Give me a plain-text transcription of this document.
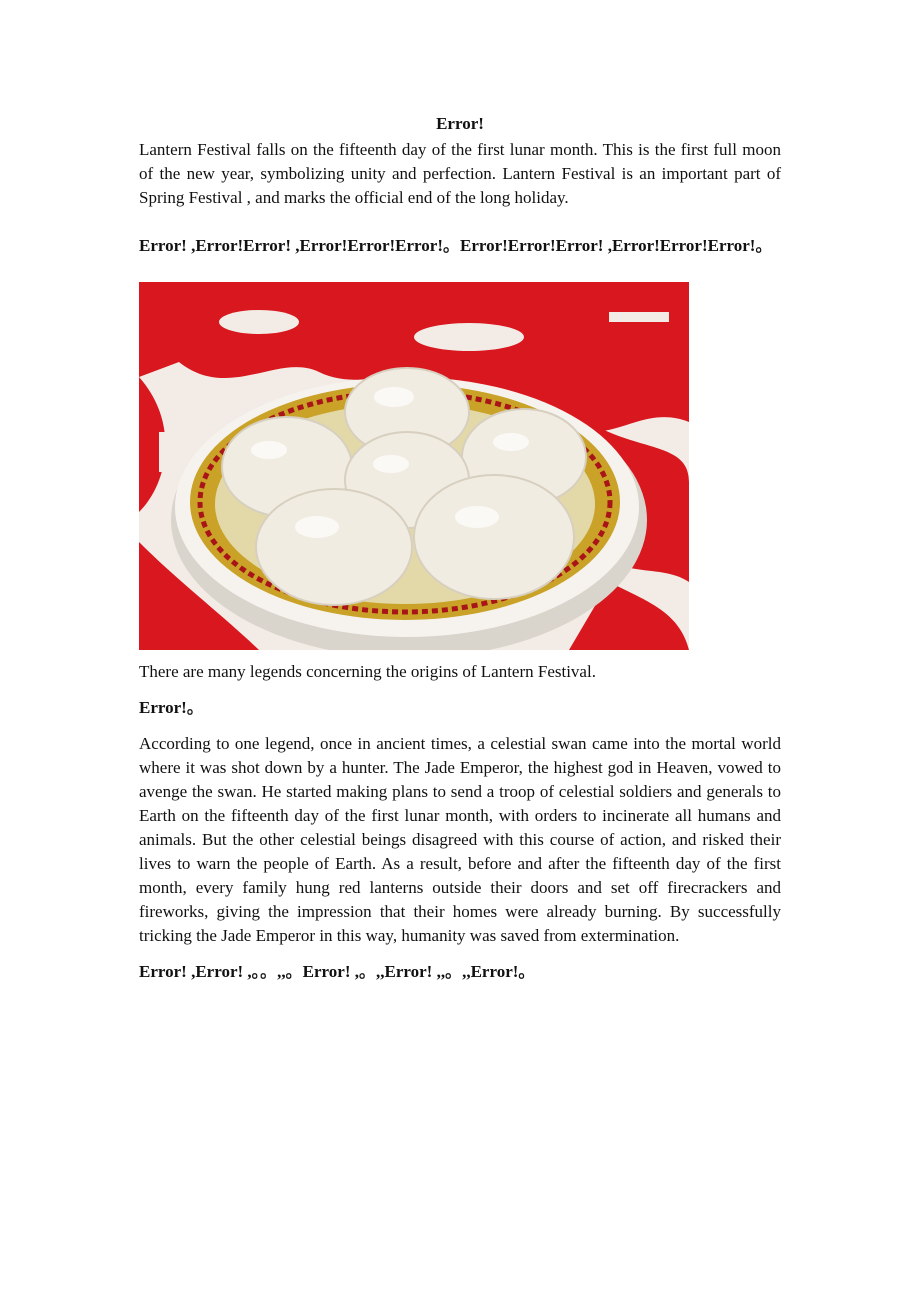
Error!

Lantern Festival falls on the fifteenth day of the first lunar month. This is the first full moon of the new year, symbolizing unity and perfection. Lantern Festival is an important part of Spring Festival , and marks the official end of the long holiday.

Error! ,Error!Error! ,Error!Error!Error!。Error!Error!Error! ,Error!Error!Error!。

There are many legends concerning the origins of Lantern Festival.

Error!。

According to one legend, once in ancient times, a celestial swan came into the mortal world where it was shot down by a hunter. The Jade Emperor, the highest god in Heaven, vowed to avenge the swan. He started making plans to send a troop of celestial soldiers and generals to Earth on the fifteenth day of the first lunar month, with orders to incinerate all humans and animals. But the other celestial beings disagreed with this course of action, and risked their lives to warn the people of Earth. As a result, before and after the fifteenth day of the first month, every family hung red lanterns outside their doors and set off firecrackers and fireworks, giving the impression that their homes were already burning. By successfully tricking the Jade Emperor in this way, humanity was saved from extermination.

Error! ,Error! ,。。,,。Error! ,。,,Error! ,,。,,Error!。
